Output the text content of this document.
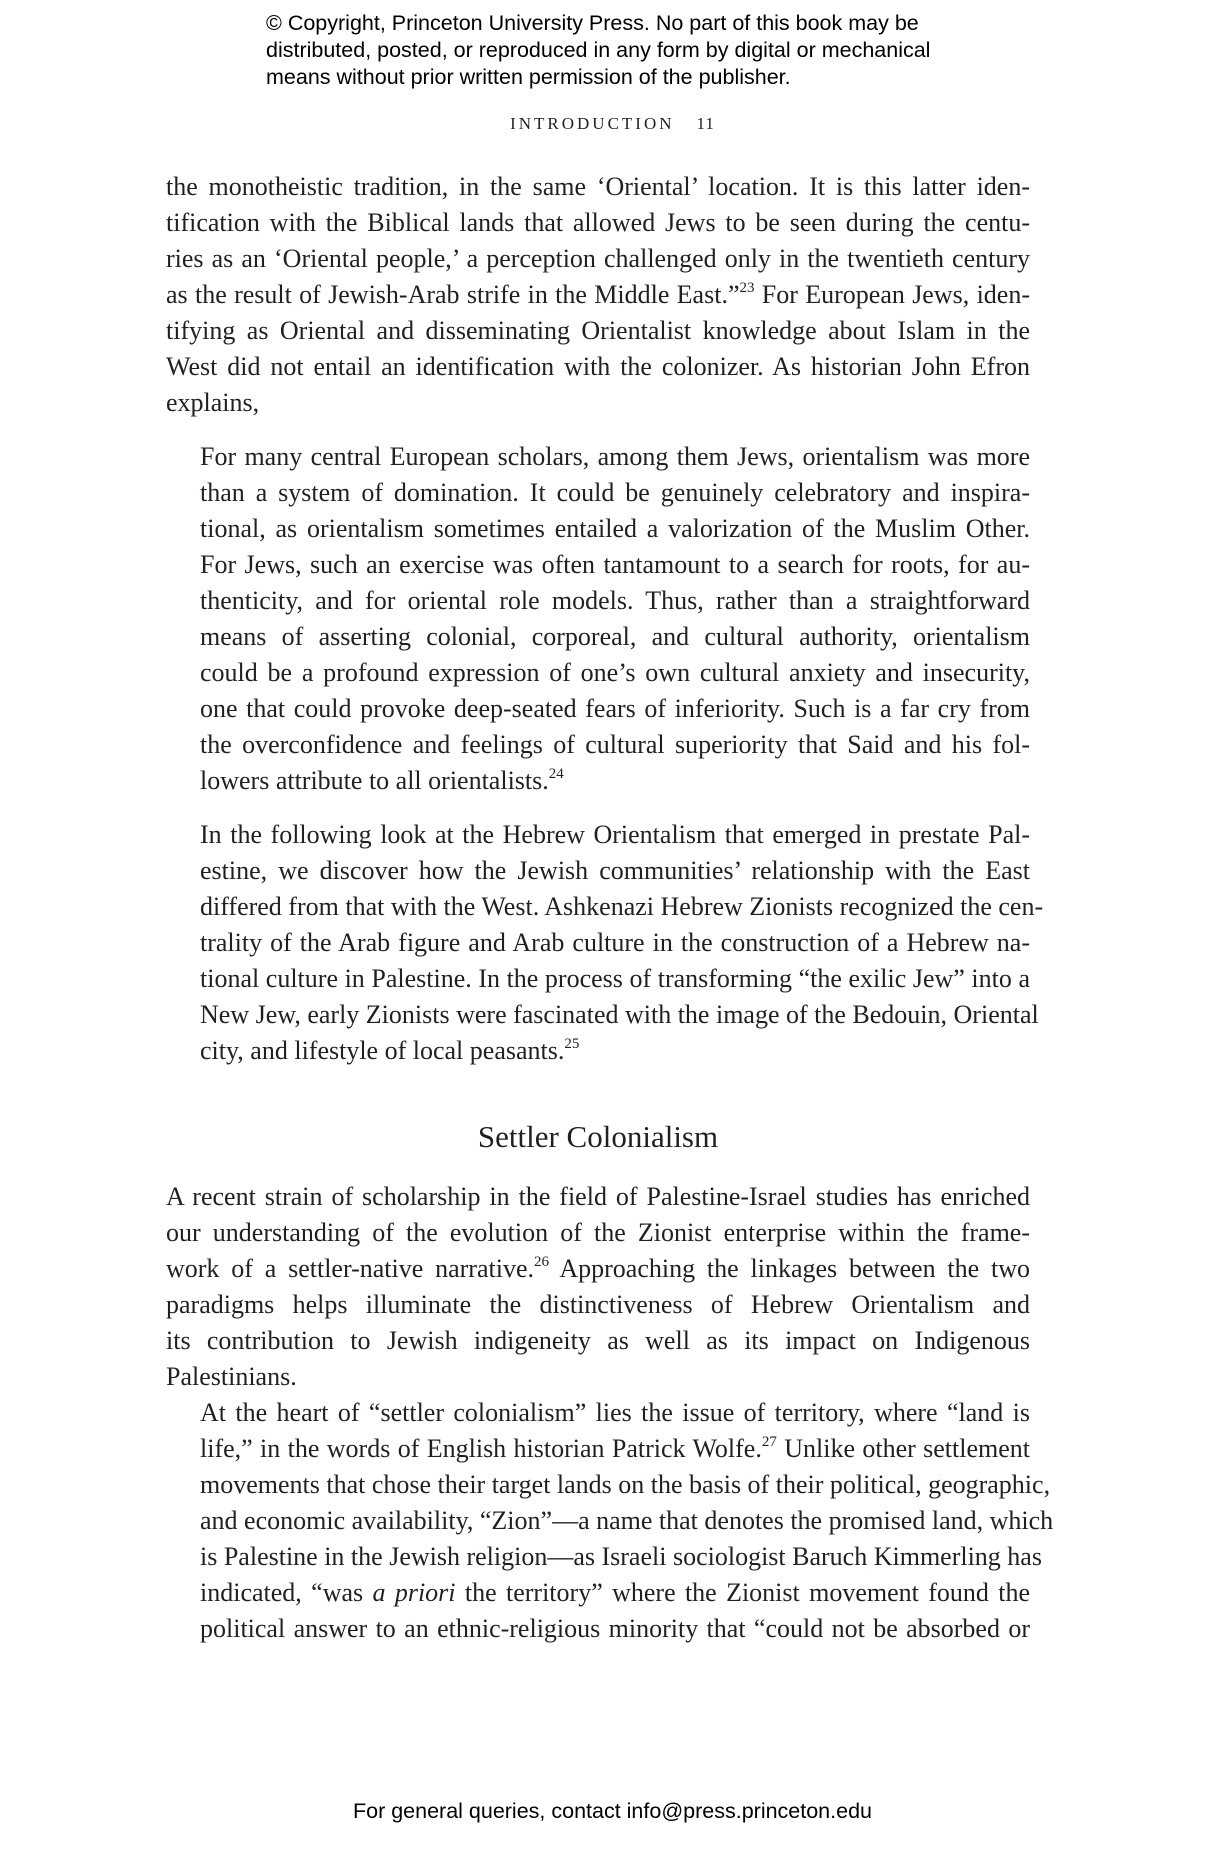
© Copyright, Princeton University Press. No part of this book may be

distributed, posted, or reproduced in any form by digital or mechanical

means without prior written permission of the publisher.

INTRODUCTION 11

the monotheistic tradition, in the same ‘Oriental’ location. It is this latter iden-
tification with the Biblical lands that allowed Jews to be seen during the centu-
ries as an ‘Oriental people,’ a perception challenged only in the twentieth century
as the result of Jewish-Arab strife in the Middle East.”$^{23}$ For European Jews, iden-
tifying as Oriental and disseminating Orientalist knowledge about Islam in the
West did not entail an identification with the colonizer. As historian John Efron
explains,

For many central European scholars, among them Jews, orientalism was more
than a system of domination. It could be genuinely celebratory and inspira-
tional, as orientalism sometimes entailed a valorization of the Muslim Other.
For Jews, such an exercise was often tantamount to a search for roots, for au-
thenticity, and for oriental role models. Thus, rather than a straightforward
means of asserting colonial, corporeal, and cultural authority, orientalism
could be a profound expression of one’s own cultural anxiety and insecurity,
one that could provoke deep-seated fears of inferiority. Such is a far cry from
the overconfidence and feelings of cultural superiority that Said and his fol-
lowers attribute to all orientalists.$^{24}$

In the following look at the Hebrew Orientalism that emerged in prestate Pal-
estine, we discover how the Jewish communities’ relationship with the East
differed from that with the West. Ashkenazi Hebrew Zionists recognized the cen-
trality of the Arab figure and Arab culture in the construction of a Hebrew na-
tional culture in Palestine. In the process of transforming “the exilic Jew” into a
New Jew, early Zionists were fascinated with the image of the Bedouin, Oriental
city, and lifestyle of local peasants.$^{25}$

Settler Colonialism

A recent strain of scholarship in the field of Palestine-Israel studies has enriched
our understanding of the evolution of the Zionist enterprise within the frame-
work of a settler-native narrative.$^{26}$ Approaching the linkages between the two
paradigms helps illuminate the distinctiveness of Hebrew Orientalism and
its contribution to Jewish indigeneity as well as its impact on Indigenous
Palestinians.

At the heart of “settler colonialism” lies the issue of territory, where “land is
life,” in the words of English historian Patrick Wolfe.$^{27}$ Unlike other settlement
movements that chose their target lands on the basis of their political, geographic,
and economic availability, “Zion”—a name that denotes the promised land, which
is Palestine in the Jewish religion—as Israeli sociologist Baruch Kimmerling has
indicated, “was a priori the territory” where the Zionist movement found the
political answer to an ethnic-religious minority that “could not be absorbed or

For general queries, contact info@press.princeton.edu
